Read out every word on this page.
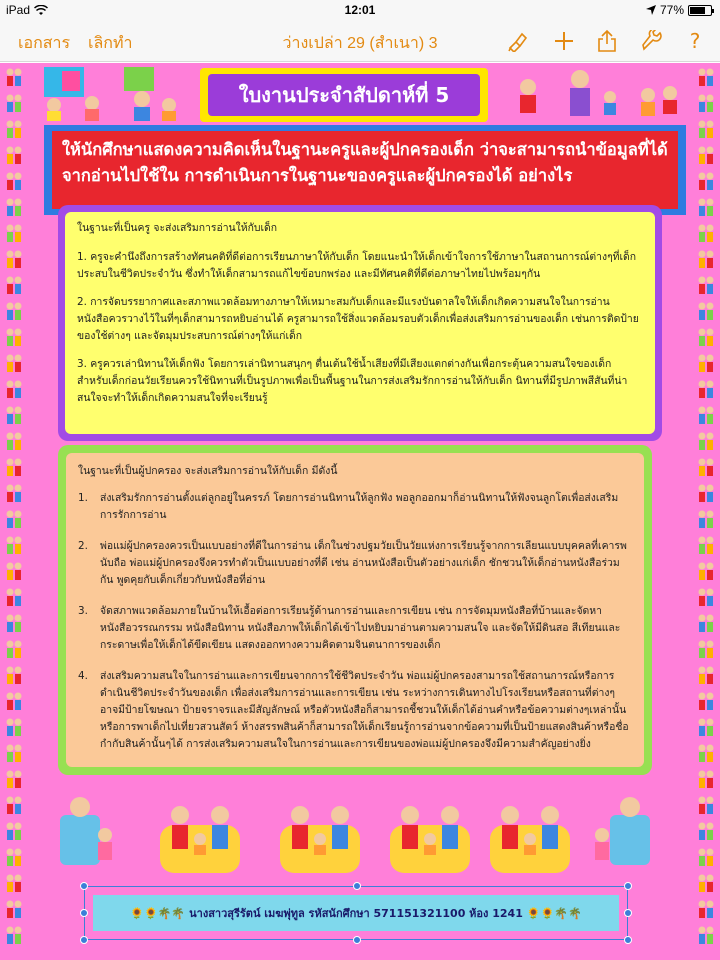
iPad	12:01	77%
เอกสาร เลิกทำ	ว่างเปล่า 29 (สำเนา) 3	?
ใบงานประจำสัปดาห์ที่ 5
ให้นักศึกษาแสดงความคิดเห็นในฐานะครูและผู้ปกครองเด็ก ว่าจะสามารถนำข้อมูลที่ได้จากอ่านไปใช้ใน การดำเนินการในฐานะของครูและผู้ปกครองได้ อย่างไร

ในฐานะที่เป็นครู จะส่งเสริมการอ่านให้กับเด็ก

1. ครูจะคำนึงถึงการสร้างทัศนคติที่ดีต่อการเรียนภาษาให้กับเด็ก โดยแนะนำให้เด็กเข้าใจการใช้ภาษาในสถานการณ์ต่างๆที่เด็กประสบในชีวิตประจำวัน ซึ่งทำให้เด็กสามารถแก้ไขข้อบกพร่อง และมีทัศนคติที่ดีต่อภาษาไทยไปพร้อมๆกัน

2. การจัดบรรยากาศและสภาพแวดล้อมทางภาษาให้เหมาะสมกับเด็กและมีแรงบันดาลใจให้เด็กเกิดความสนใจในการอ่าน หนังสือควรวางไว้ในที่ๆเด็กสามารถหยิบอ่านได้ ครูสามารถใช้สิ่งแวดล้อมรอบตัวเด็กเพื่อส่งเสริมการอ่านของเด็ก เช่นการติดป้ายของใช้ต่างๆ และจัดมุมประสบการณ์ต่างๆให้แก่เด็ก

3. ครูควรเล่านิทานให้เด็กฟัง โดยการเล่านิทานสนุกๆ ตื่นเต้นใช้น้ำเสียงที่มีเสียงแตกต่างกันเพื่อกระตุ้นความสนใจของเด็ก สำหรับเด็กก่อนวัยเรียนควรใช้นิทานที่เป็นรูปภาพเพื่อเป็นพื้นฐานในการส่งเสริมรักการอ่านให้กับเด็ก นิทานที่มีรูปภาพสีสันที่น่าสนใจจะทำให้เด็กเกิดความสนใจที่จะเรียนรู้

ในฐานะที่เป็นผู้ปกครอง จะส่งเสริมการอ่านให้กับเด็ก มีดังนี้
1.	ส่งเสริมรักการอ่านตั้งแต่ลูกอยู่ในครรภ์ โดยการอ่านนิทานให้ลูกฟัง พอลูกออกมาก็อ่านนิทานให้ฟังจนลูกโตเพื่อส่งเสริมการรักการอ่าน
2.	พ่อแม่ผู้ปกครองควรเป็นแบบอย่างที่ดีในการอ่าน เด็กในช่วงปฐมวัยเป็นวัยแห่งการเรียนรู้จากการเลียนแบบบุคคลที่เคารพนับถือ พ่อแม่ผู้ปกครองจึงควรทำตัวเป็นแบบอย่างที่ดี เช่น อ่านหนังสือเป็นตัวอย่างแก่เด็ก ชักชวนให้เด็กอ่านหนังสือร่วมกัน พูดคุยกับเด็กเกี่ยวกับหนังสือที่อ่าน
3.	จัดสภาพแวดล้อมภายในบ้านให้เอื้อต่อการเรียนรู้ด้านการอ่านและการเขียน เช่น การจัดมุมหนังสือที่บ้านและจัดหาหนังสือวรรณกรรม หนังสือนิทาน หนังสือภาพให้เด็กได้เข้าไปหยิบมาอ่านตามความสนใจ และจัดให้มีดินสอ สีเทียนและกระดาษเพื่อให้เด็กได้ขีดเขียน แสดงออกทางความคิดตามจินตนาการของเด็ก
4.	ส่งเสริมความสนใจในการอ่านและการเขียนจากการใช้ชีวิตประจำวัน พ่อแม่ผู้ปกครองสามารถใช้สถานการณ์หรือการดำเนินชีวิตประจำวันของเด็ก เพื่อส่งเสริมการอ่านและการเขียน เช่น ระหว่างการเดินทางไปโรงเรียนหรือสถานที่ต่างๆ อาจมีป้ายโฆษณา ป้ายจราจรและมีสัญลักษณ์ หรือตัวหนังสือก็สามารถชี้ชวนให้เด็กได้อ่านคำหรือข้อความต่างๆเหล่านั้น หรือการพาเด็กไปเที่ยวสวนสัตว์ ห้างสรรพสินค้าก็สามารถให้เด็กเรียนรู้การอ่านจากข้อความที่เป็นป้ายแสดงสินค้าหรือชื่อกำกับสินค้านั้นๆได้ การส่งเสริมความสนใจในการอ่านและการเขียนของพ่อแม่ผู้ปกครองจึงมีความสำคัญอย่างยิ่ง
🌻🌻🌴🌴 นางสาวสุรีรัตน์ เมฆพุ่ทูล รหัสนักศึกษา 571151321100 ห้อง 1241 🌻🌻🌴🌴
